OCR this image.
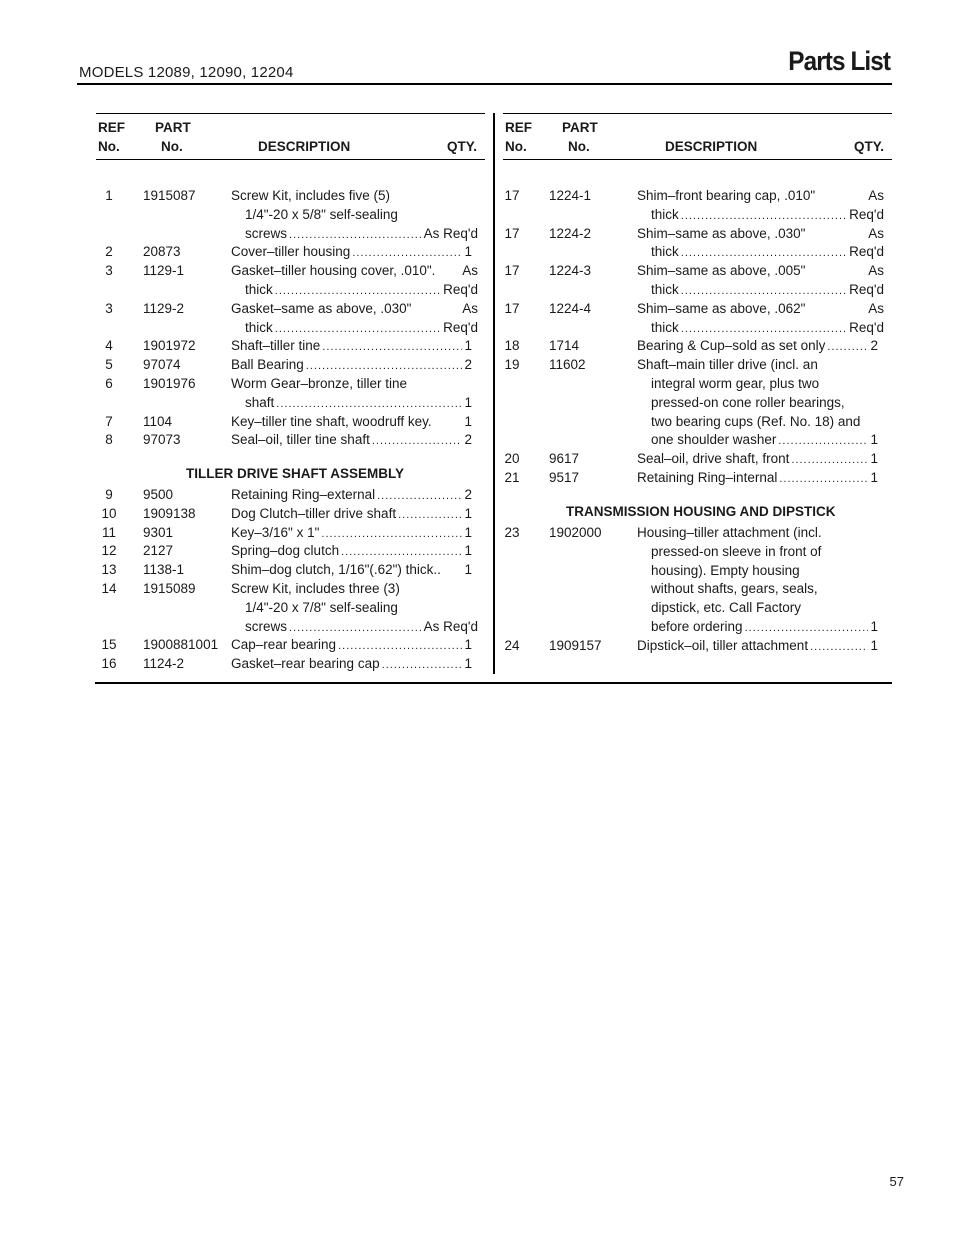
MODELS 12089, 12090, 12204	Parts List
REF
No.
PART
No.	DESCRIPTION	QTY.
REF
No.
PART
No.	DESCRIPTION	QTY.
TILLER DRIVE SHAFT ASSEMBLY
TRANSMISSION HOUSING AND DIPSTICK
1	1915087	Screw Kit, includes five (5)
1/4"-20 x 5/8" self-sealing
screws .....	As Req'd
2	20873	Cover–tiller housing .....	1
3	1129-1	Gasket–tiller housing cover, .010". As
thick .....	Req'd
3	1129-2	Gasket–same as above, .030"	As
thick .....	Req'd
4	1901972	Shaft–tiller tine .....	1
5	97074	Ball Bearing .....	2
6	1901976	Worm Gear–bronze, tiller tine
shaft .....	1
7	1104	Key–tiller tine shaft, woodruff key. 1
8	97073	Seal–oil, tiller tine shaft .....	2
9	9500	Retaining Ring–external .....	2
10	1909138	Dog Clutch–tiller drive shaft .....	1
11	9301	Key–3/16" x 1" .....	1
12	2127	Spring–dog clutch .....	1
13	1138-1	Shim–dog clutch, 1/16"(.62") thick.. 1
14	1915089	Screw Kit, includes three (3)
1/4"-20 x 7/8" self-sealing
screws .....	As Req'd
15	1900881001 Cap–rear bearing .....	1
16	1124-2	Gasket–rear bearing cap .....	1
17	1224-1	Shim–front bearing cap, .010"	As
thick .....	Req'd
17	1224-2	Shim–same as above, .030"	As
thick .....	Req'd
17	1224-3	Shim–same as above, .005"	As
thick .....	Req'd
17	1224-4	Shim–same as above, .062"	As
thick .....	Req'd
18	1714	Bearing & Cup–sold as set only .....	2
19	11602	Shaft–main tiller drive (incl. an
integral worm gear, plus two
pressed-on cone roller bearings,
two bearing cups (Ref. No. 18) and
one shoulder washer .....	1
20	9617	Seal–oil, drive shaft, front .....	1
21	9517	Retaining Ring–internal .....	1
23	1902000	Housing–tiller attachment (incl.
pressed-on sleeve in front of
housing). Empty housing
without shafts, gears, seals,
dipstick, etc. Call Factory
before ordering .....	1
24	1909157	Dipstick–oil, tiller attachment .....	1
57
